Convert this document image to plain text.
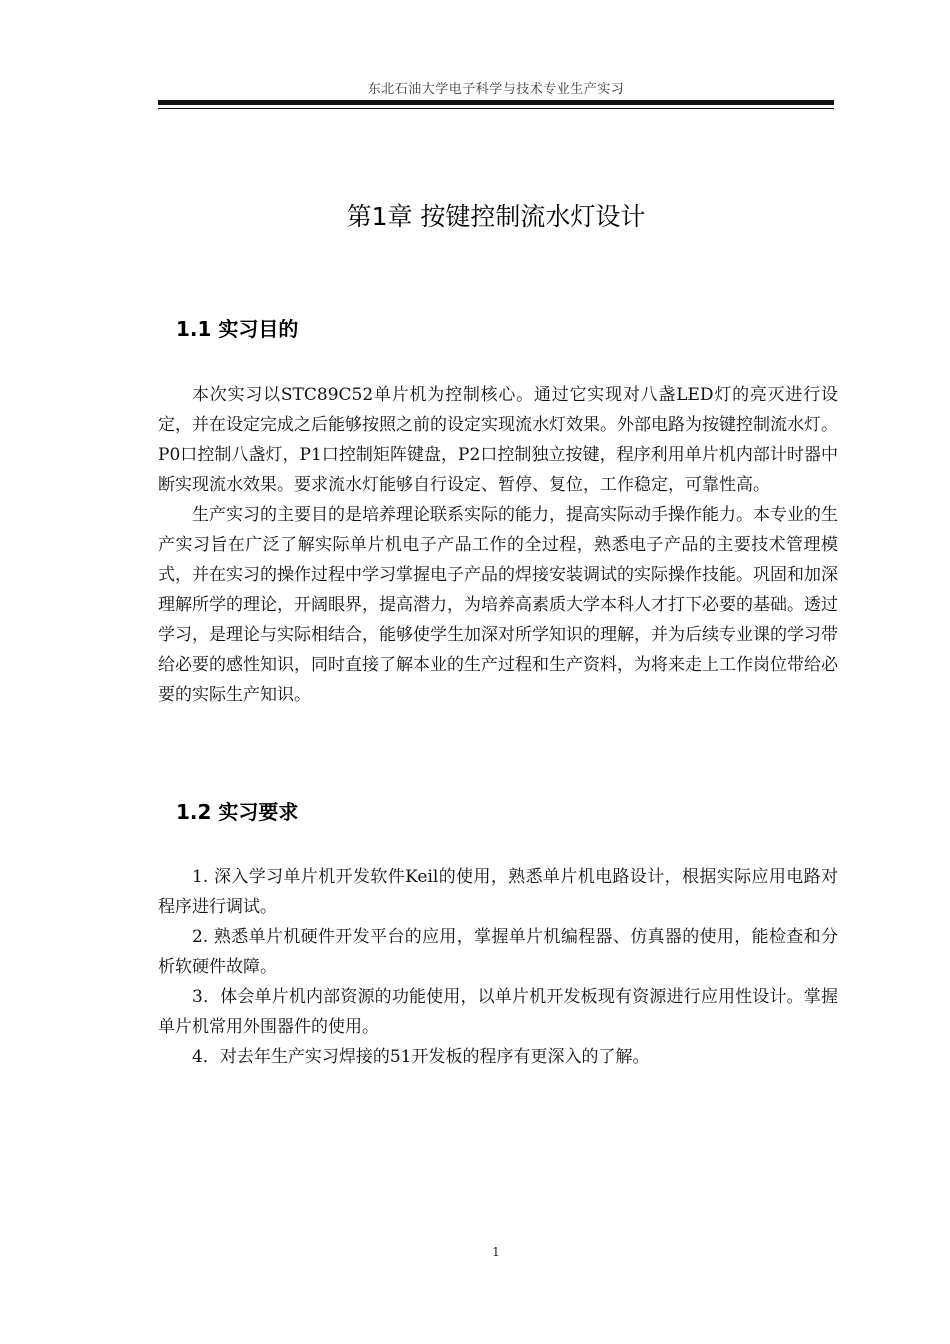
东北石油大学电子科学与技术专业生产实习
第1章 按键控制流水灯设计
1.1 实习目的

本次实习以STC89C52单片机为控制核心。通过它实现对八盏LED灯的亮灭进行设定，并在设定完成之后能够按照之前的设定实现流水灯效果。外部电路为按键控制流水灯。P0口控制八盏灯，P1口控制矩阵键盘，P2口控制独立按键，程序利用单片机内部计时器中断实现流水效果。要求流水灯能够自行设定、暂停、复位，工作稳定，可靠性高。

生产实习的主要目的是培养理论联系实际的能力，提高实际动手操作能力。本专业的生产实习旨在广泛了解实际单片机电子产品工作的全过程，熟悉电子产品的主要技术管理模式，并在实习的操作过程中学习掌握电子产品的焊接安装调试的实际操作技能。巩固和加深理解所学的理论，开阔眼界，提高潜力，为培养高素质大学本科人才打下必要的基础。透过学习，是理论与实际相结合，能够使学生加深对所学知识的理解，并为后续专业课的学习带给必要的感性知识，同时直接了解本业的生产过程和生产资料，为将来走上工作岗位带给必要的实际生产知识。

1.2 实习要求

1. 深入学习单片机开发软件Keil的使用，熟悉单片机电路设计，根据实际应用电路对程序进行调试。

2. 熟悉单片机硬件开发平台的应用，掌握单片机编程器、仿真器的使用，能检查和分析软硬件故障。

3．体会单片机内部资源的功能使用，以单片机开发板现有资源进行应用性设计。掌握单片机常用外围器件的使用。

4．对去年生产实习焊接的51开发板的程序有更深入的了解。

1
